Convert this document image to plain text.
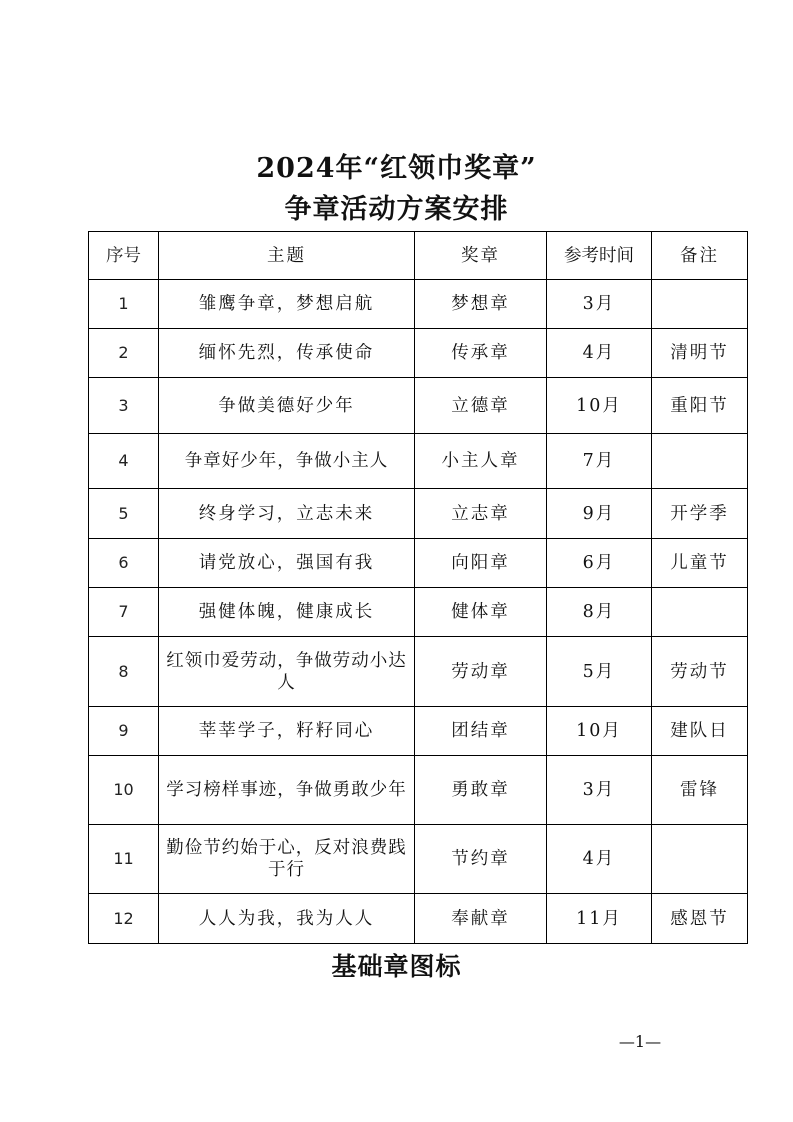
2024年“红领巾奖章”
争章活动方案安排
序号	主题	奖章	参考时间	备注
1	雏鹰争章，梦想启航	梦想章	3月	
2	缅怀先烈，传承使命	传承章	4月	清明节
3	争做美德好少年	立德章	10月	重阳节
4	争章好少年，争做小主人	小主人章	7月	
5	终身学习，立志未来	立志章	9月	开学季
6	请党放心，强国有我	向阳章	6月	儿童节
7	强健体魄，健康成长	健体章	8月	
8	红领巾爱劳动，争做劳动小达人	劳动章	5月	劳动节
9	莘莘学子，籽籽同心	团结章	10月	建队日
10	学习榜样事迹，争做勇敢少年	勇敢章	3月	雷锋
11	勤俭节约始于心，反对浪费践于行	节约章	4月	
12	人人为我，我为人人	奉献章	11月	感恩节
基础章图标
—1—
